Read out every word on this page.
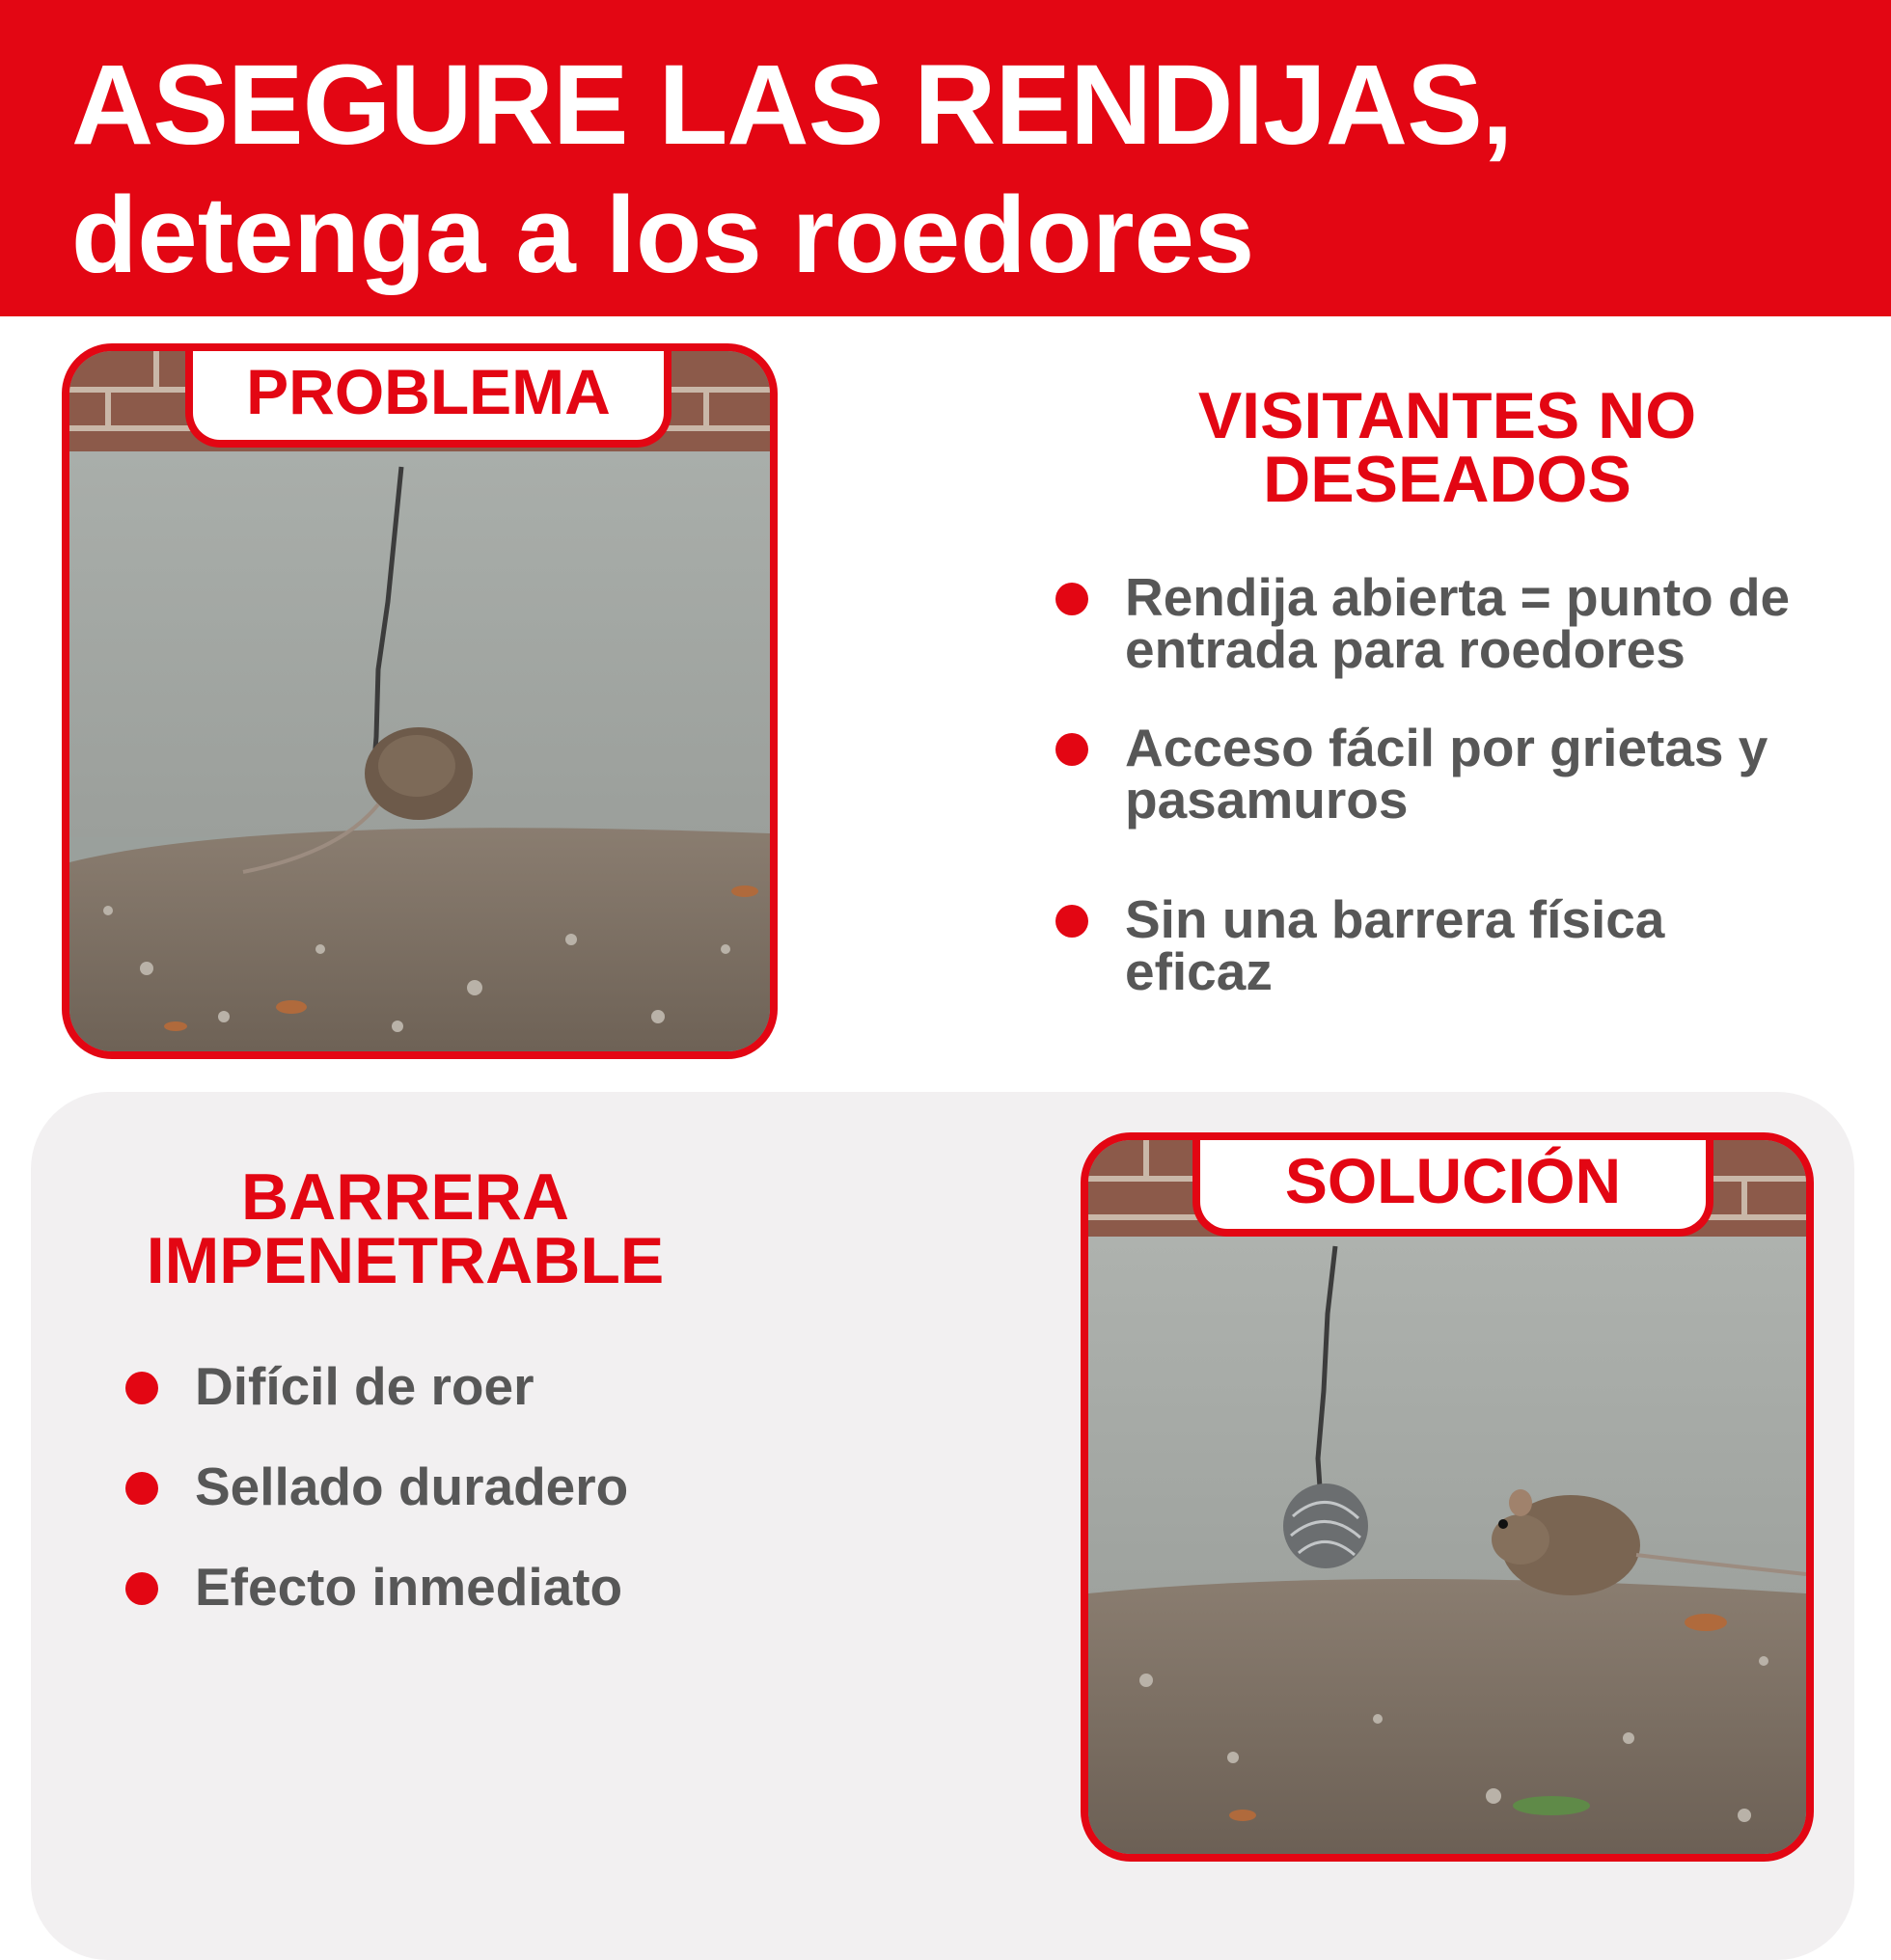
ASEGURE LAS RENDIJAS,
detenga a los roedores
PROBLEMA	VISITANTES NO
DESEADOS
Rendija abierta = punto de
entrada para roedores
Acceso fácil por grietas y
pasamuros
Sin una barrera física
eficaz
BARRERA
IMPENETRABLE
Difícil de roer
Sellado duradero
Efecto inmediato
SOLUCIÓN
